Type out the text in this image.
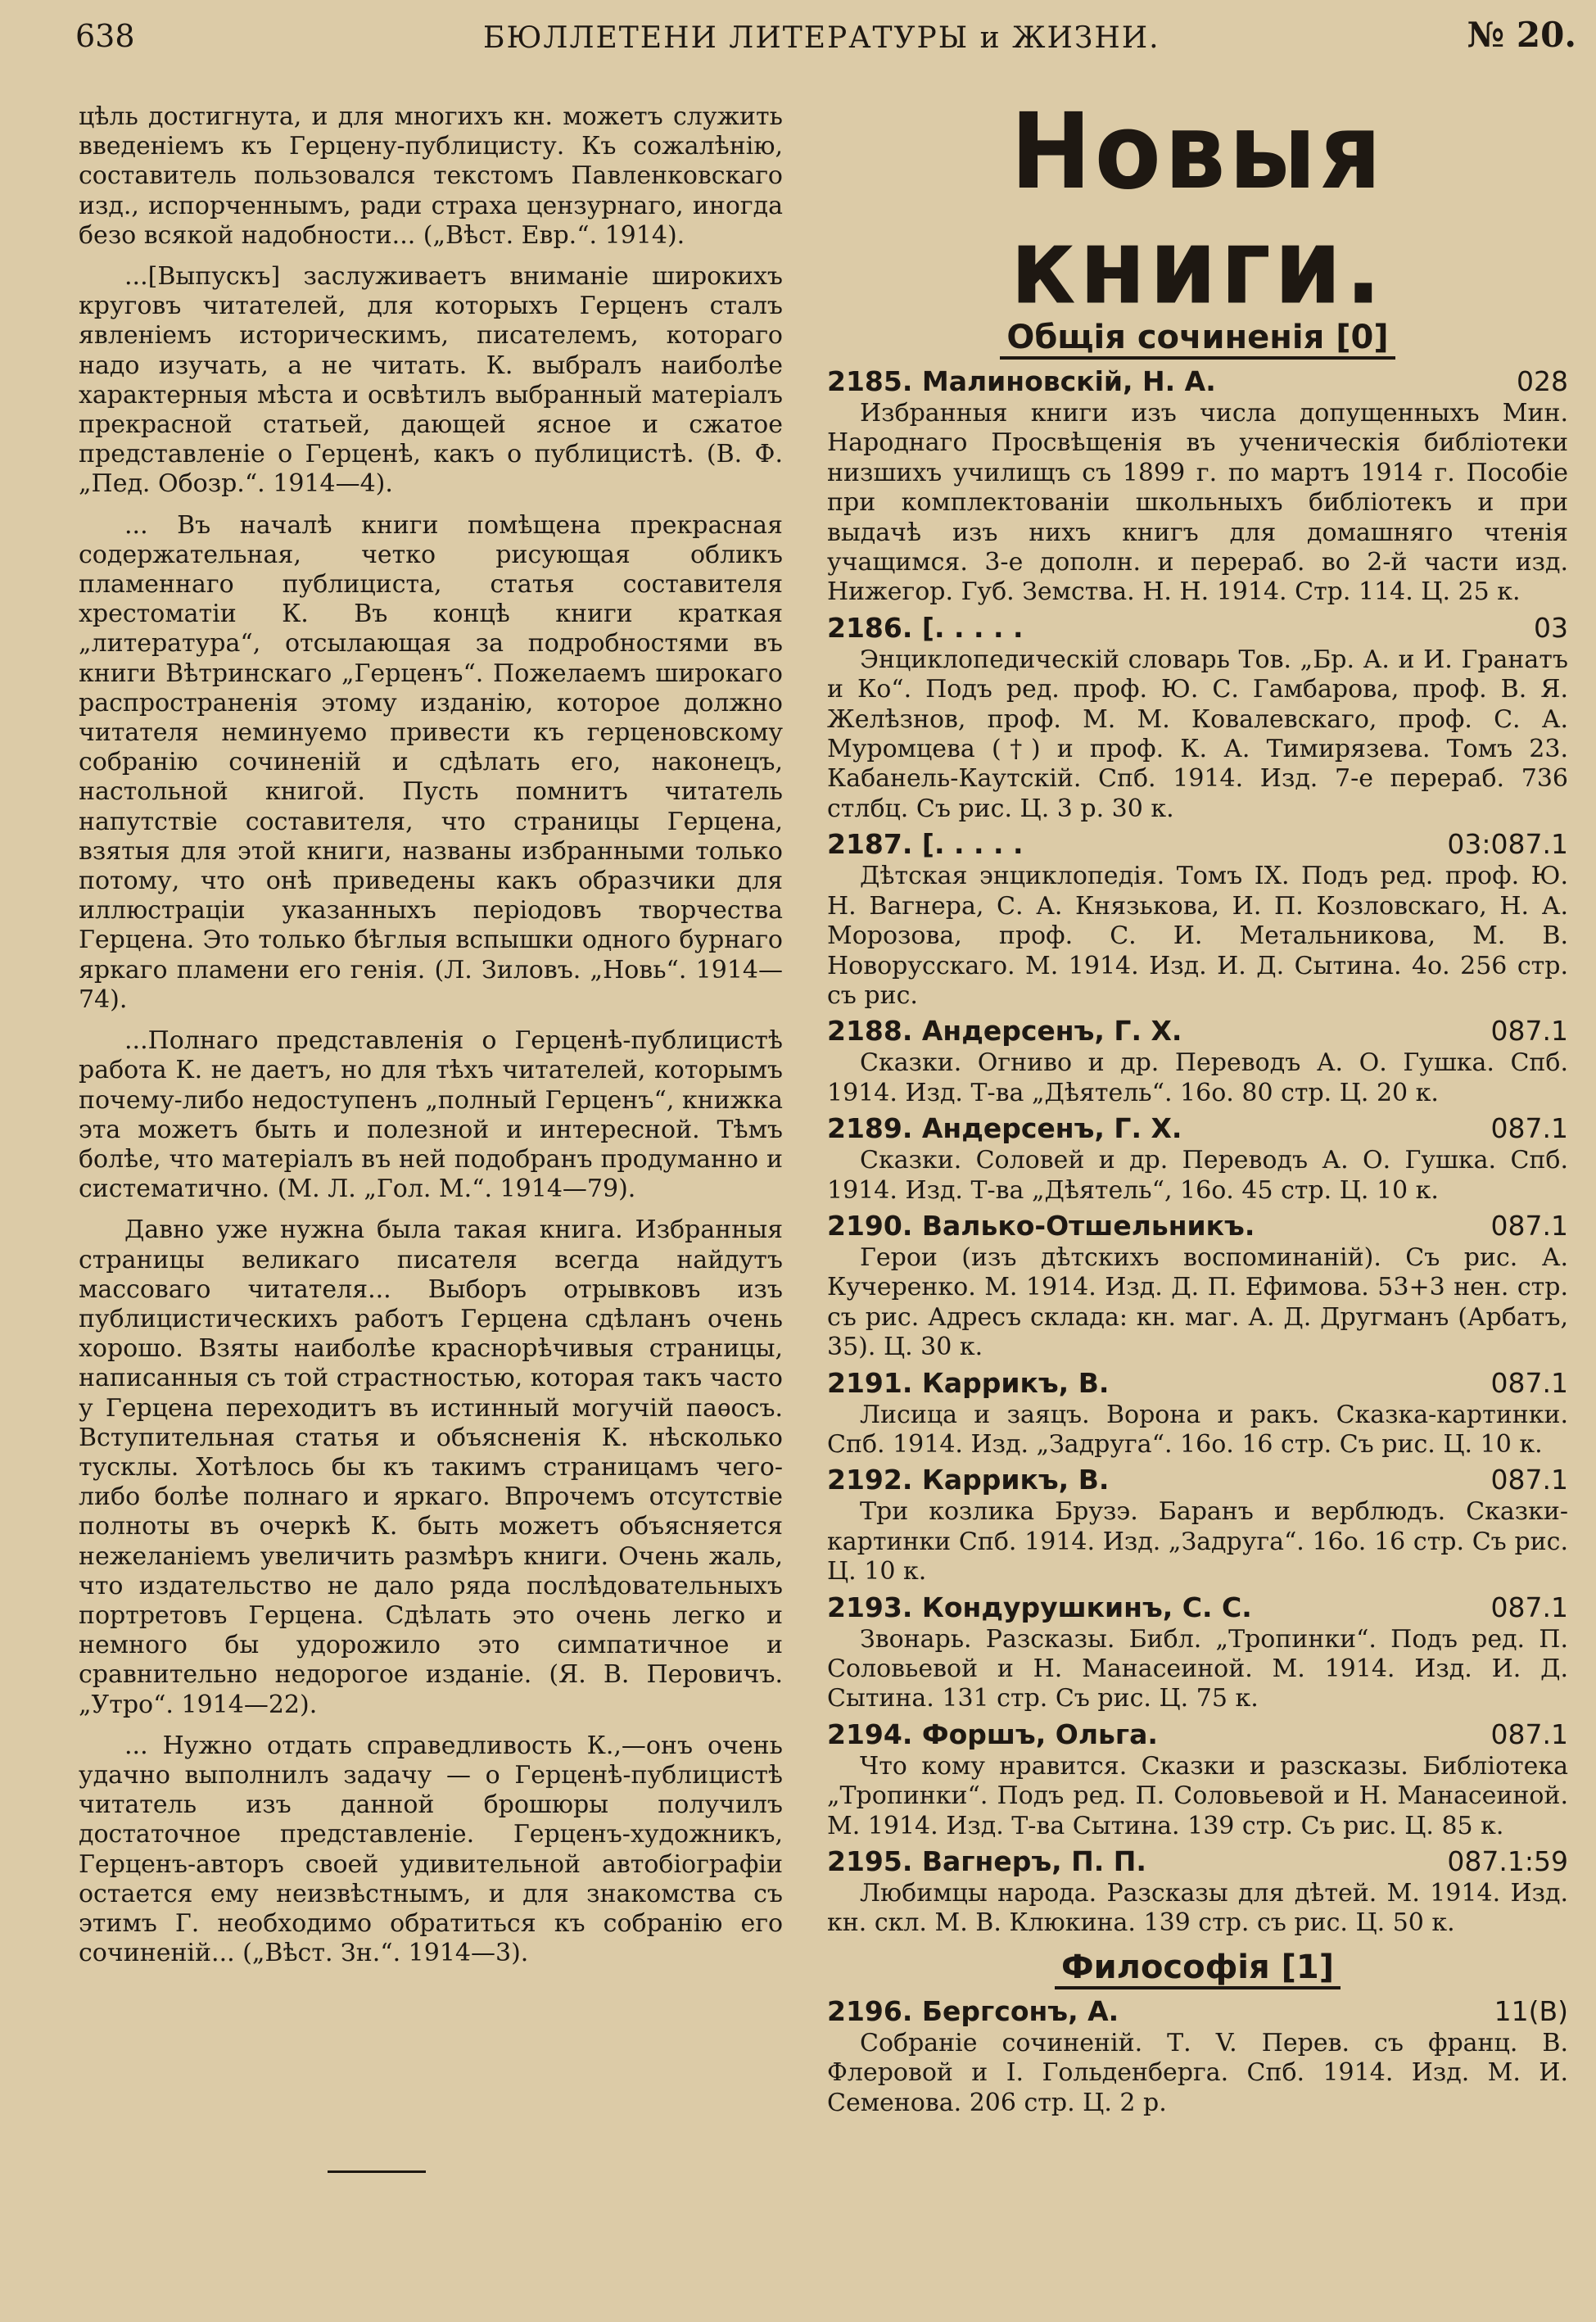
638	БЮЛЛЕТЕНИ ЛИТЕРАТУРЫ и ЖИЗНИ.	№ 20.

цѣль достигнута, и для многихъ кн. можетъ служить введеніемъ къ Герцену-публицисту. Къ сожалѣнію, составитель пользовался текстомъ Павленковскаго изд., испорченнымъ, ради страха цензурнаго, иногда безо всякой надобности... („Вѣст. Евр.“. 1914).

...[Выпускъ] заслуживаетъ вниманіе широкихъ круговъ читателей, для которыхъ Герценъ сталъ явленіемъ историческимъ, писателемъ, котораго надо изучать, а не читать. К. выбралъ наиболѣе характерныя мѣста и освѣтилъ выбранный матеріалъ прекрасной статьей, дающей ясное и сжатое представленіе о Герценѣ, какъ о публицистѣ. (В. Ф. „Пед. Обозр.“. 1914—4).

... Въ началѣ книги помѣщена прекрасная содержательная, четко рисующая обликъ пламеннаго публициста, статья составителя хрестоматіи К. Въ концѣ книги краткая „литература“, отсылающая за подробностями въ книги Вѣтринскаго „Герценъ“. Пожелаемъ широкаго распространенія этому изданію, которое должно читателя неминуемо привести къ герценовскому собранію сочиненій и сдѣлать его, наконецъ, настольной книгой. Пусть помнитъ читатель напутствіе составителя, что страницы Герцена, взятыя для этой книги, названы избранными только потому, что онѣ приведены какъ образчики для иллюстраціи указанныхъ періодовъ творчества Герцена. Это только бѣглыя вспышки одного бурнаго яркаго пламени его генія. (Л. Зиловъ. „Новь“. 1914—74).

...Полнаго представленія о Герценѣ-публицистѣ работа К. не даетъ, но для тѣхъ читателей, которымъ почему-либо недоступенъ „полный Герценъ“, книжка эта можетъ быть и полезной и интересной. Тѣмъ болѣе, что матеріалъ въ ней подобранъ продуманно и систематично. (М. Л. „Гол. М.“. 1914—79).

Давно уже нужна была такая книга. Избранныя страницы великаго писателя всегда найдутъ массоваго читателя... Выборъ отрывковъ изъ публицистическихъ работъ Герцена сдѣланъ очень хорошо. Взяты наиболѣе краснорѣчивыя страницы, написанныя съ той страстностью, которая такъ часто у Герцена переходитъ въ истинный могучій паѳосъ. Вступительная статья и объясненія К. нѣсколько тусклы. Хотѣлось бы къ такимъ страницамъ чего-либо болѣе полнаго и яркаго. Впрочемъ отсутствіе полноты въ очеркѣ К. быть можетъ объясняется нежеланіемъ увеличить размѣръ книги. Очень жаль, что издательство не дало ряда послѣдовательныхъ портретовъ Герцена. Сдѣлать это очень легко и немного бы удорожило это симпатичное и сравнительно недорогое изданіе. (Я. В. Перовичъ. „Утро“. 1914—22).

... Нужно отдать справедливость К.,—онъ очень удачно выполнилъ задачу — о Герценѣ-публицистѣ читатель изъ данной брошюры получилъ достаточное представленіе. Герценъ-художникъ, Герценъ-авторъ своей удивительной автобіографіи остается ему неизвѣстнымъ, и для знакомства съ этимъ Г. необходимо обратиться къ собранію его сочиненій... („Вѣст. Зн.“. 1914—3).

Новыя книги.
Общія сочиненія [0]
2185. Малиновскій, Н. А.	028
Избранныя книги изъ числа допущенныхъ Мин. Народнаго Просвѣщенія въ ученическія библіотеки низшихъ училищъ съ 1899 г. по мартъ 1914 г. Пособіе при комплектованіи школьныхъ библіотекъ и при выдачѣ изъ нихъ книгъ для домашняго чтенія учащимся. 3-е дополн. и перераб. во 2-й части изд. Нижегор. Губ. Земства. Н. Н. 1914. Стр. 114. Ц. 25 к.
2186. [. . . . .	03
Энциклопедическій словарь Тов. „Бр. А. и И. Гранатъ и Ко“. Подъ ред. проф. Ю. С. Гамбарова, проф. В. Я. Желѣзнов, проф. М. М. Ковалевскаго, проф. С. А. Муромцева (†) и проф. К. А. Тимирязева. Томъ 23. Кабанель-Каутскій. Спб. 1914. Изд. 7-е перераб. 736 стлбц. Съ рис. Ц. 3 р. 30 к.
2187. [. . . . .	03:087.1
Дѣтская энциклопедія. Томъ IX. Подъ ред. проф. Ю. Н. Вагнера, С. А. Князькова, И. П. Козловскаго, Н. А. Морозова, проф. С. И. Метальникова, М. В. Новорусскаго. М. 1914. Изд. И. Д. Сытина. 4о. 256 стр. съ рис.
2188. Андерсенъ, Г. Х.	087.1
Сказки. Огниво и др. Переводъ А. О. Гушка. Спб. 1914. Изд. Т-ва „Дѣятель“. 16о. 80 стр. Ц. 20 к.
2189. Андерсенъ, Г. Х.	087.1
Сказки. Соловей и др. Переводъ А. О. Гушка. Спб. 1914. Изд. Т-ва „Дѣятель“, 16о. 45 стр. Ц. 10 к.
2190. Валько-Отшельникъ.	087.1
Герои (изъ дѣтскихъ воспоминаній). Съ рис. А. Кучеренко. М. 1914. Изд. Д. П. Ефимова. 53+3 нен. стр. съ рис. Адресъ склада: кн. маг. А. Д. Другманъ (Арбатъ, 35). Ц. 30 к.
2191. Каррикъ, В.	087.1
Лисица и заяцъ. Ворона и ракъ. Сказка-картинки. Спб. 1914. Изд. „Задруга“. 16о. 16 стр. Съ рис. Ц. 10 к.
2192. Каррикъ, В.	087.1
Три козлика Брузэ. Баранъ и верблюдъ. Сказки-картинки Спб. 1914. Изд. „Задруга“. 16о. 16 стр. Съ рис. Ц. 10 к.
2193. Кондурушкинъ, С. С.	087.1
Звонарь. Разсказы. Библ. „Тропинки“. Подъ ред. П. Соловьевой и Н. Манасеиной. М. 1914. Изд. И. Д. Сытина. 131 стр. Съ рис. Ц. 75 к.
2194. Форшъ, Ольга.	087.1
Что кому нравится. Сказки и разсказы. Библіотека „Тропинки“. Подъ ред. П. Соловьевой и Н. Манасеиной. М. 1914. Изд. Т-ва Сытина. 139 стр. Съ рис. Ц. 85 к.
2195. Вагнеръ, П. П.	087.1:59
Любимцы народа. Разсказы для дѣтей. М. 1914. Изд. кн. скл. М. В. Клюкина. 139 стр. съ рис. Ц. 50 к.
Философія [1]
2196. Бергсонъ, А.	11(В)
Собраніе сочиненій. Т. V. Перев. съ франц. В. Флеровой и I. Гольденберга. Спб. 1914. Изд. М. И. Семенова. 206 стр. Ц. 2 р.
